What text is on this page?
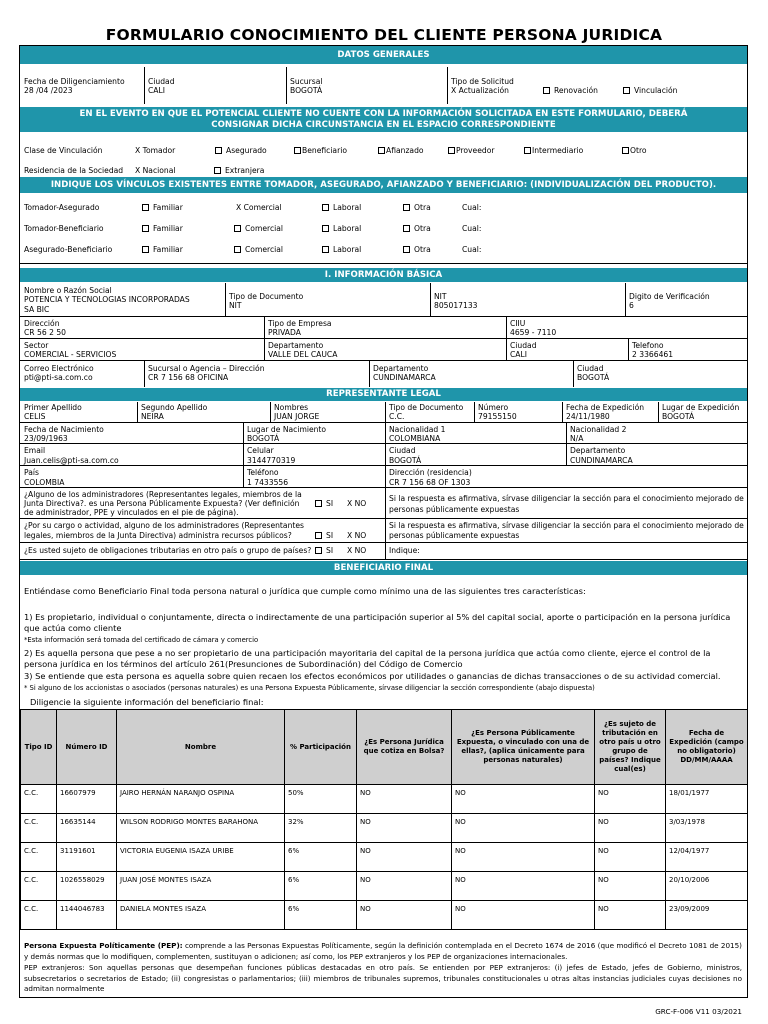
FORMULARIO CONOCIMIENTO DEL CLIENTE PERSONA JURIDICA
DATOS GENERALES
Fecha de Diligenciamiento
28 /04 /2023
Ciudad
CALI
Sucursal
BOGOTÁ
Tipo de Solicitud
X Actualización	Renovación	Vinculación
EN EL EVENTO EN QUE EL POTENCIAL CLIENTE NO CUENTE CON LA INFORMACIÓN SOLICITADA EN ESTE FORMULARIO, DEBERÁ CONSIGNAR DICHA CIRCUNSTANCIA EN EL ESPACIO CORRESPONDIENTE
Clase de Vinculación	X Tomador	Asegurado	Beneficiario	Afianzado	Proveedor	Intermediario	Otro
Residencia de la Sociedad X Nacional	Extranjera
INDIQUE LOS VÍNCULOS EXISTENTES ENTRE TOMADOR, ASEGURADO, AFIANZADO Y BENEFICIARIO: (INDIVIDUALIZACIÓN DEL PRODUCTO).
Tomador-Asegurado	Familiar	X Comercial	Laboral	Otra	Cual:
Tomador-Beneficiario	Familiar	Comercial	Laboral	Otra	Cual:
Asegurado-Beneficiario	Familiar	Comercial	Laboral	Otra	Cual:
I. INFORMACIÓN BÁSICA
Nombre o Razón Social
POTENCIA Y TECNOLOGIAS INCORPORADAS
SA BIC
Tipo de Documento
NIT
NIT
805017133
Digito de Verificación
6
Dirección
CR 56 2 50
Tipo de Empresa
PRIVADA
CIIU
4659 - 7110
Sector
COMERCIAL - SERVICIOS
Departamento
VALLE DEL CAUCA
Ciudad
CALI
Telefono
2 3366461
Correo Electrónico
pti@pti-sa.com.co
Sucursal o Agencia – Dirección
CR 7 156 68 OFICINA
Departamento
CUNDINAMARCA
Ciudad
BOGOTÁ
REPRESENTANTE LEGAL
Primer Apellido
CELIS
Segundo Apellido
NEIRA
Nombres
JUAN JORGE
Tipo de Documento
C.C.
Número
79155150
Fecha de Expedición
24/11/1980
Lugar de Expedición
BOGOTÁ
Fecha de Nacimiento
23/09/1963
Lugar de Nacimiento
BOGOTÁ
Nacionalidad 1
COLOMBIANA
Nacionalidad 2
N/A
Email
Juan.celis@pti-sa.com.co
Celular
3144770319
Ciudad
BOGOTÁ
Departamento
CUNDINAMARCA
País
COLOMBIA
Teléfono
1 7433556
Dirección (residencia)
CR 7 156 68 OF 1303
¿Alguno de los administradores (Representantes legales, miembros de la
Junta Directiva?. es una Persona Públicamente Expuesta? (Ver definición
de administrador, PPE y vinculados en el pie de página).
SI X NO
Si la respuesta es afirmativa, sírvase diligenciar la sección para el conocimiento mejorado de
personas públicamente expuestas
¿Por su cargo o actividad, alguno de los administradores (Representantes
legales, miembros de la Junta Directiva) administra recursos públicos?	SI X NO
Si la respuesta es afirmativa, sírvase diligenciar la sección para el conocimiento mejorado de
personas públicamente expuestas
¿Es usted sujeto de obligaciones tributarias en otro país o grupo de países?	SI X NO	Indique:
BENEFICIARIO FINAL
Entiéndase como Beneficiario Final toda persona natural o jurídica que cumple como mínimo una de las siguientes tres características:
1) Es propietario, individual o conjuntamente, directa o indirectamente de una participación superior al 5% del capital social, aporte o participación en la persona jurídica que actúa como cliente
*Esta información será tomada del certificado de cámara y comercio
2) Es aquella persona que pese a no ser propietario de una participación mayoritaria del capital de la persona jurídica que actúa como cliente, ejerce el control de la persona jurídica en los términos del artículo 261(Presunciones de Subordinación) del Código de Comercio
3) Se entiende que esta persona es aquella sobre quien recaen los efectos económicos por utilidades o ganancias de dichas transacciones o de su actividad comercial.
* Si alguno de los accionistas o asociados (personas naturales) es una Persona Expuesta Públicamente, sírvase diligenciar la sección correspondiente (abajo dispuesta)
Diligencie la siguiente información del beneficiario final:
Tipo ID	Número ID	Nombre	% Participación	¿Es Persona Jurídica que cotiza en Bolsa?	¿Es Persona Públicamente Expuesta, o vinculado con una de ellas?, (aplica únicamente para personas naturales)	¿Es sujeto de tributación en otro país u otro grupo de países? Indique cual(es)	Fecha de Expedición (campo no obligatorio) DD/MM/AAAA
C.C.	16607979	JAIRO HERNÁN NARANJO OSPINA	50%	NO	NO	NO	18/01/1977
C.C.	16635144	WILSON RODRIGO MONTES BARAHONA	32%	NO	NO	NO	3/03/1978
C.C.	31191601	VICTORIA EUGENIA ISAZA URIBE	6%	NO	NO	NO	12/04/1977
C.C.	1026558029	JUAN JOSÉ MONTES ISAZA	6%	NO	NO	NO	20/10/2006
C.C.	1144046783	DANIELA MONTES ISAZA	6%	NO	NO	NO	23/09/2009
Persona Expuesta Políticamente (PEP): comprende a las Personas Expuestas Políticamente, según la definición contemplada en el Decreto 1674 de 2016 (que modificó el Decreto 1081 de 2015) y demás normas que lo modifiquen, complementen, sustituyan o adicionen; así como, los PEP extranjeros y los PEP de organizaciones internacionales.
PEP extranjeros: Son aquellas personas que desempeñan funciones públicas destacadas en otro país. Se entienden por PEP extranjeros: (i) jefes de Estado, jefes de Gobierno, ministros, subsecretarios o secretarios de Estado; (ii) congresistas o parlamentarios; (iii) miembros de tribunales supremos, tribunales constitucionales u otras altas instancias judiciales cuyas decisiones no admitan normalmente
GRC-F-006 V11 03/2021
